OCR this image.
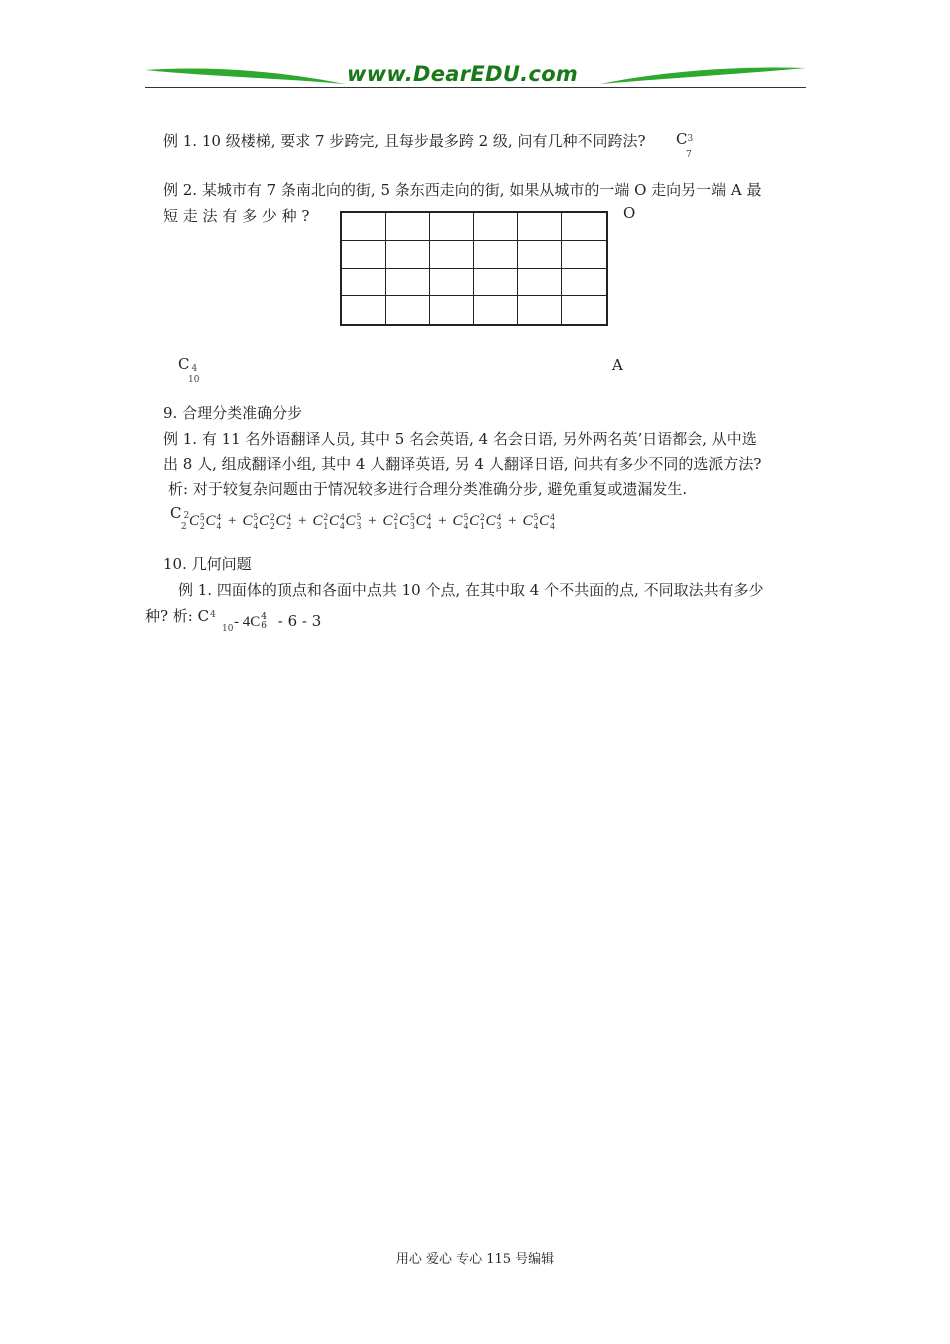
www.DearEDU.com
例 1. 10 级楼梯, 要求 7 步跨完, 且每步最多跨 2 级, 问有几种不同跨法? $C^3$
7
例 2. 某城市有 7 条南北向的街, 5 条东西走向的街, 如果从城市的一端 O 走向另一端 A 最
短 走 法 有 多 少 种 ?	O
A
C 4
10
9. 合理分类准确分步
例 1. 有 11 名外语翻译人员, 其中 5 名会英语, 4 名会日语, 另外两名英’日语都会, 从中选
出 8 人, 组成翻译小组, 其中 4 人翻译英语, 另 4 人翻译日语, 问共有多少不同的选派方法?
析: 对于较复杂问题由于情况较多进行合理分类准确分步, 避免重复或遗漏发生.
C 2
2 C 5
2 C 4
4 + C 5
4 C 2
2 C 4
2 + C 2
1 C 4
4 C 5
3 + C 2
1 C 5
3 C 4
4 + C 5
4 C 2
1 C 4
3 + C 5
4 C 4
4
10. 几何问题
例 1. 四面体的顶点和各面中点共 10 个点, 在其中取 4 个不共面的点, 不同取法共有多少
种? 析: $C^4$
10 - 4C 4
6 - 6 - 3
用心 爱心 专心 115 号编辑
